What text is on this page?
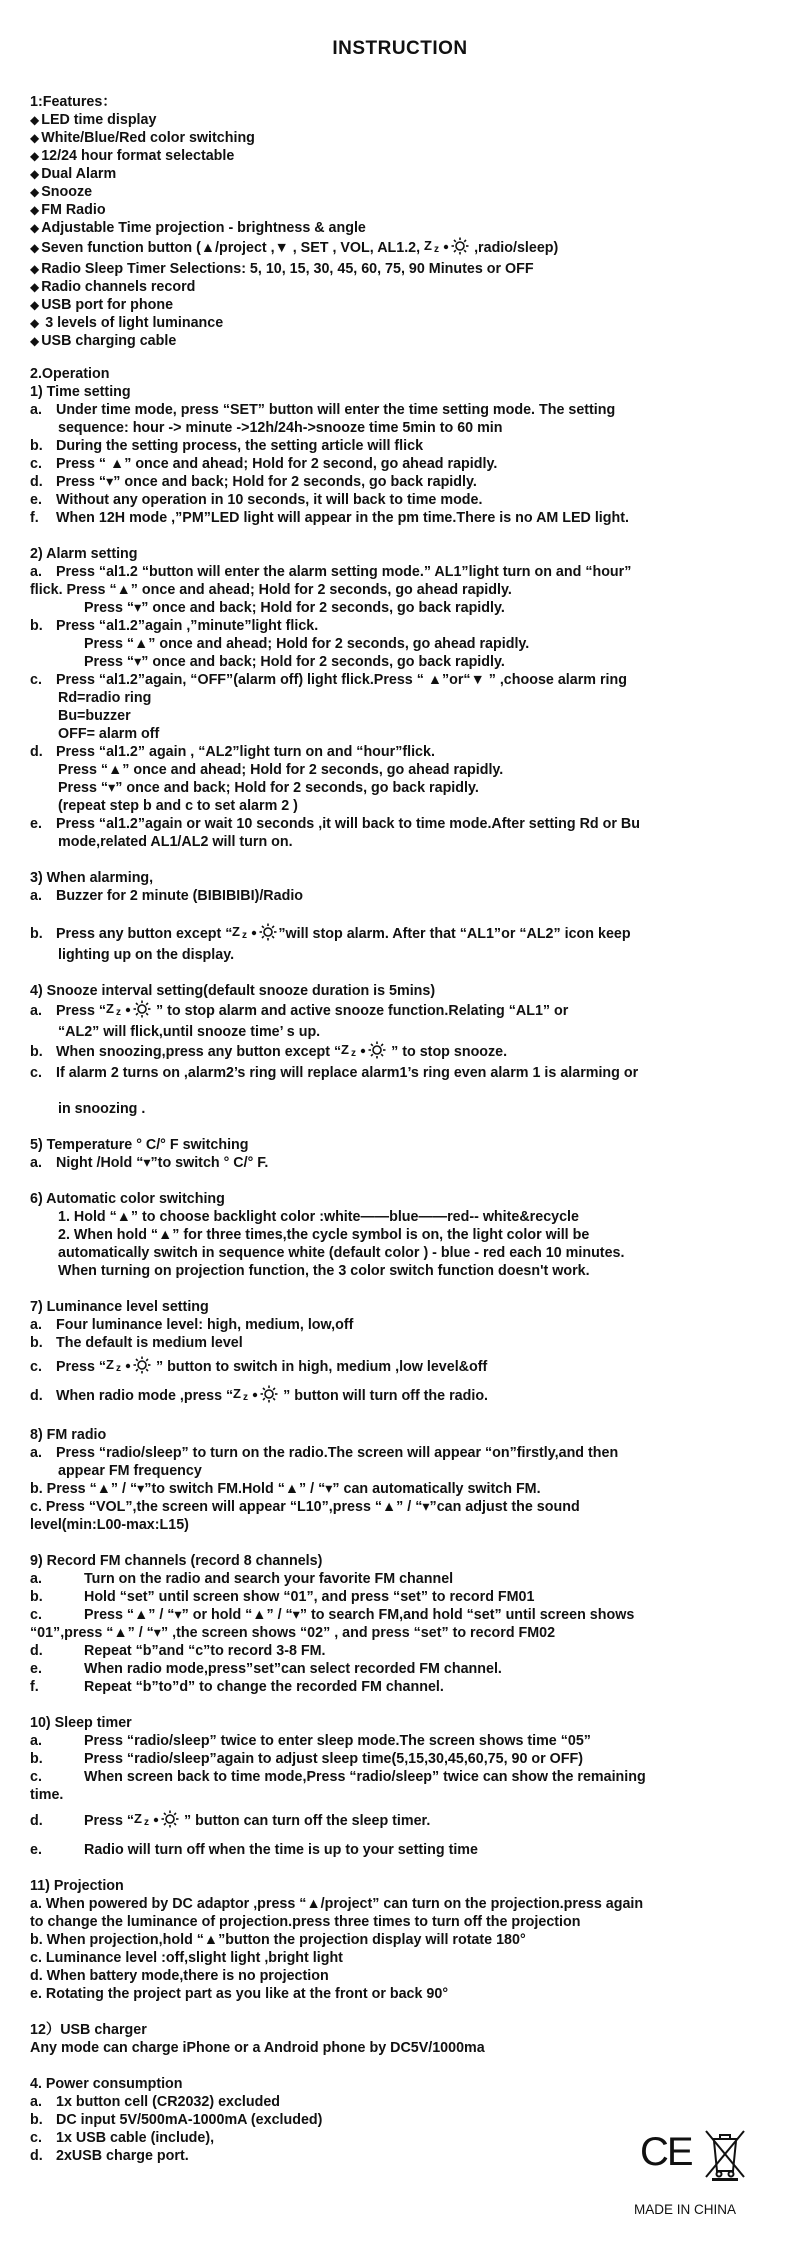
INSTRUCTION
1:Features：
◆ LED time display
◆ White/Blue/Red color switching
◆ 12/24 hour format selectable
◆ Dual Alarm
◆ Snooze
◆ FM Radio
◆ Adjustable Time projection - brightness & angle
◆ Seven function button (▲/project ,▼ , SET , VOL, AL1.2, Z z ,radio/sleep)
◆ Radio Sleep Timer Selections: 5, 10, 15, 30, 45, 60, 75, 90 Minutes or OFF
◆ Radio channels record
◆ USB port for phone
◆ 3 levels of light luminance
◆ USB charging cable
2.Operation
1) Time setting
a. Under time mode, press “SET” button will enter the time setting mode. The setting
sequence: hour -> minute ->12h/24h->snooze time 5min to 60 min
b. During the setting process, the setting article will flick
c. Press “ ▲” once and ahead; Hold for 2 second, go ahead rapidly.
d. Press “▾” once and back; Hold for 2 seconds, go back rapidly.
e. Without any operation in 10 seconds, it will back to time mode.
f. When 12H mode ,”PM”LED light will appear in the pm time.There is no AM LED light.
2) Alarm setting
a. Press “al1.2 “button will enter the alarm setting mode.” AL1”light turn on and “hour”
flick. Press “▲” once and ahead; Hold for 2 seconds, go ahead rapidly.
Press “▾” once and back; Hold for 2 seconds, go back rapidly.
b. Press “al1.2”again ,”minute”light flick.
Press “▲” once and ahead; Hold for 2 seconds, go ahead rapidly.
Press “▾” once and back; Hold for 2 seconds, go back rapidly.
c. Press “al1.2”again, “OFF”(alarm off) light flick.Press “ ▲”or“▼ ” ,choose alarm ring
Rd=radio ring
Bu=buzzer
OFF= alarm off
d. Press “al1.2” again , “AL2”light turn on and “hour”flick.
Press “▲” once and ahead; Hold for 2 seconds, go ahead rapidly.
Press “▾” once and back; Hold for 2 seconds, go back rapidly.
(repeat step b and c to set alarm 2 )
e. Press “al1.2”again or wait 10 seconds ,it will back to time mode.After setting Rd or Bu
mode,related AL1/AL2 will turn on.
3) When alarming,
a. Buzzer for 2 minute (BIBIBIBI)/Radio
b. Press any button except “ Z z ”will stop alarm. After that “AL1”or “AL2” icon keep
lighting up on the display.
4) Snooze interval setting(default snooze duration is 5mins)
a. Press “ Z z ” to stop alarm and active snooze function.Relating “AL1” or
“AL2” will flick,until snooze time’ s up.
b. When snoozing,press any button except “ Z z ” to stop snooze.
c. If alarm 2 turns on ,alarm2’s ring will replace alarm1’s ring even alarm 1 is alarming or
in snoozing .
5) Temperature ° C/° F switching
a. Night /Hold “▾”to switch ° C/° F.
6) Automatic color switching
1. Hold “▲” to choose backlight color :white——blue——red-- white&recycle
2. When hold “▲” for three times,the cycle symbol is on, the light color will be
automatically switch in sequence white (default color ) - blue - red each 10 minutes.
When turning on projection function, the 3 color switch function doesn't work.
7) Luminance level setting
a. Four luminance level: high, medium, low,off
b. The default is medium level
c. Press “ Z z ” button to switch in high, medium ,low level&off
d. When radio mode ,press “ Z z ” button will turn off the radio.
8) FM radio
a. Press “radio/sleep” to turn on the radio.The screen will appear “on”firstly,and then
appear FM frequency
b. Press “▲” / “▾”to switch FM.Hold “▲” / “▾” can automatically switch FM.
c. Press “VOL”,the screen will appear “L10”,press “▲” / “▾”can adjust the sound
level(min:L00-max:L15)
9) Record FM channels (record 8 channels)
a.	Turn on the radio and search your favorite FM channel
b.	Hold “set” until screen show “01”, and press “set” to record FM01
c.	Press “▲” / “▾” or hold “▲” / “▾” to search FM,and hold “set” until screen shows
“01”,press “▲” / “▾” ,the screen shows “02” , and press “set” to record FM02
d.	Repeat “b”and “c”to record 3-8 FM.
e.	When radio mode,press”set”can select recorded FM channel.
f.	Repeat “b”to”d” to change the recorded FM channel.
10) Sleep timer
a.	Press “radio/sleep” twice to enter sleep mode.The screen shows time “05”
b.	Press “radio/sleep”again to adjust sleep time(5,15,30,45,60,75, 90 or OFF)
c.	When screen back to time mode,Press “radio/sleep” twice can show the remaining
time.
d.	Press “ Z z ” button can turn off the sleep timer.
e.	Radio will turn off when the time is up to your setting time
11) Projection
a. When powered by DC adaptor ,press “▲/project” can turn on the projection.press again
to change the luminance of projection.press three times to turn off the projection
b. When projection,hold “▲”button the projection display will rotate 180°
c. Luminance level :off,slight light ,bright light
d. When battery mode,there is no projection
e. Rotating the project part as you like at the front or back 90°
12）USB charger
Any mode can charge iPhone or a Android phone by DC5V/1000ma
4. Power consumption
a. 1x button cell (CR2032) excluded
b. DC input 5V/500mA-1000mA (excluded)
c. 1x USB cable (include),
d. 2xUSB charge port.	CE
MADE IN CHINA
